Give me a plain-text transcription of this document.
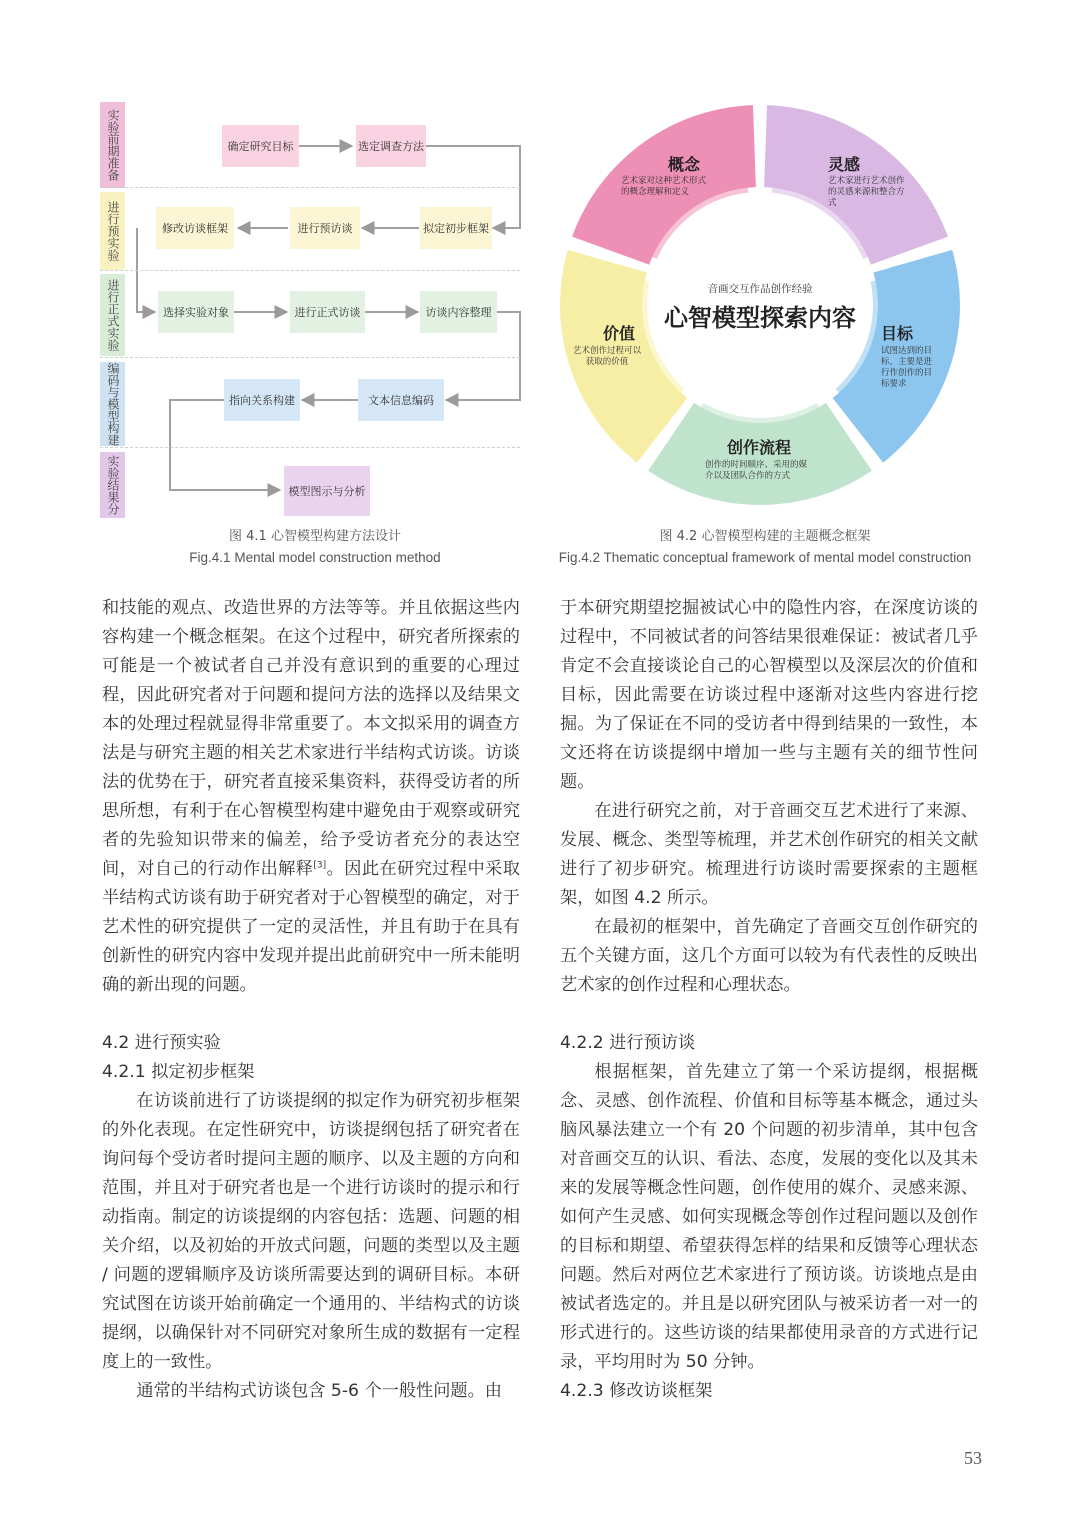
实验前期准备
进行预实验
进行正式实验
编码与模型构建
实验结果分
确定研究目标	选定调查方法
修改访谈框架	进行预访谈	拟定初步框架
选择实验对象	进行正式访谈	访谈内容整理
指向关系构建	文本信息编码
模型图示与分析
图 4.1 心智模型构建方法设计
Fig.4.1 Mental model construction method
概念
艺术家对这种艺术形式的概念理解和定义
灵感
艺术家进行艺术创作的灵感来源和整合方式
目标
试图达到的目标，主要是进行作创作的目标要求
创作流程
创作的时间顺序、采用的媒介以及团队合作的方式
价值
艺术创作过程可以获取的价值
音画交互作品创作经验
心智模型探索内容
图 4.2 心智模型构建的主题概念框架
Fig.4.2 Thematic conceptual framework of mental model construction

和技能的观点、改造世界的方法等等。并且依据这些内容构建一个概念框架。在这个过程中，研究者所探索的可能是一个被试者自己并没有意识到的重要的心理过程，因此研究者对于问题和提问方法的选择以及结果文本的处理过程就显得非常重要了。本文拟采用的调查方法是与研究主题的相关艺术家进行半结构式访谈。访谈法的优势在于，研究者直接采集资料，获得受访者的所思所想，有利于在心智模型构建中避免由于观察或研究者的先验知识带来的偏差，给予受访者充分的表达空间，对自己的行动作出解释[3]。因此在研究过程中采取半结构式访谈有助于研究者对于心智模型的确定，对于艺术性的研究提供了一定的灵活性，并且有助于在具有创新性的研究内容中发现并提出此前研究中一所未能明确的新出现的问题。

4.2 进行预实验

4.2.1 拟定初步框架

在访谈前进行了访谈提纲的拟定作为研究初步框架的外化表现。在定性研究中，访谈提纲包括了研究者在询问每个受访者时提问主题的顺序、以及主题的方向和范围，并且对于研究者也是一个进行访谈时的提示和行动指南。制定的访谈提纲的内容包括：选题、问题的相关介绍，以及初始的开放式问题，问题的类型以及主题 / 问题的逻辑顺序及访谈所需要达到的调研目标。本研究试图在访谈开始前确定一个通用的、半结构式的访谈提纲，以确保针对不同研究对象所生成的数据有一定程度上的一致性。

通常的半结构式访谈包含 5-6 个一般性问题。由

于本研究期望挖掘被试心中的隐性内容，在深度访谈的过程中，不同被试者的问答结果很难保证：被试者几乎肯定不会直接谈论自己的心智模型以及深层次的价值和目标，因此需要在访谈过程中逐渐对这些内容进行挖掘。为了保证在不同的受访者中得到结果的一致性，本文还将在访谈提纲中增加一些与主题有关的细节性问题。

在进行研究之前，对于音画交互艺术进行了来源、发展、概念、类型等梳理，并艺术创作研究的相关文献进行了初步研究。梳理进行访谈时需要探索的主题框架，如图 4.2 所示。

在最初的框架中，首先确定了音画交互创作研究的五个关键方面，这几个方面可以较为有代表性的反映出艺术家的创作过程和心理状态。

4.2.2 进行预访谈

根据框架，首先建立了第一个采访提纲，根据概念、灵感、创作流程、价值和目标等基本概念，通过头脑风暴法建立一个有 20 个问题的初步清单，其中包含对音画交互的认识、看法、态度，发展的变化以及其未来的发展等概念性问题，创作使用的媒介、灵感来源、如何产生灵感、如何实现概念等创作过程问题以及创作的目标和期望、希望获得怎样的结果和反馈等心理状态问题。然后对两位艺术家进行了预访谈。访谈地点是由被试者选定的。并且是以研究团队与被采访者一对一的形式进行的。这些访谈的结果都使用录音的方式进行记录，平均用时为 50 分钟。

4.2.3 修改访谈框架

53
